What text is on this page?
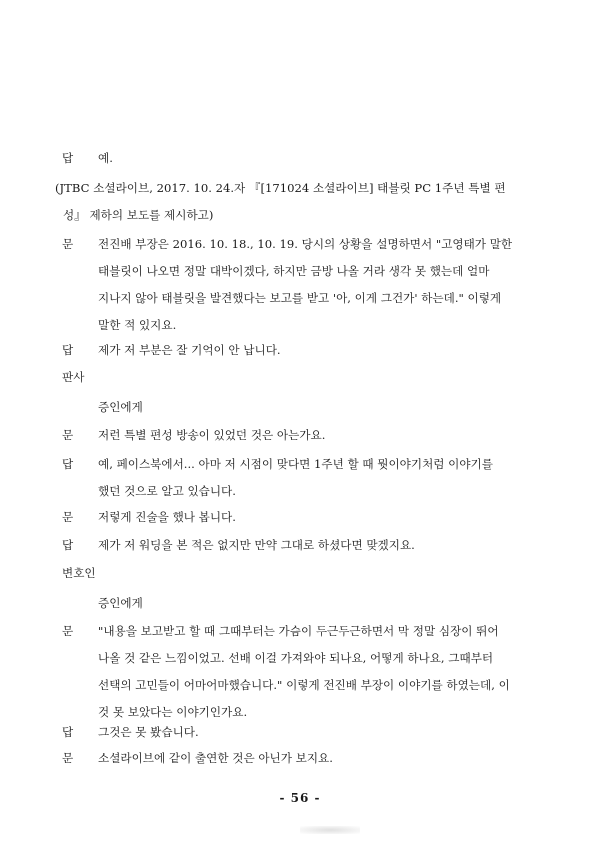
답 예.
(JTBC 소셜라이브, 2017. 10. 24.자 『[171024 소셜라이브] 태블릿 PC 1주년 특별 편
성』 제하의 보도를 제시하고)
문 전진배 부장은 2016. 10. 18., 10. 19. 당시의 상황을 설명하면서 "고영태가 말한
태블릿이 나오면 정말 대박이겠다, 하지만 금방 나올 거라 생각 못 했는데 얼마
지나지 않아 태블릿을 발견했다는 보고를 받고 '아, 이게 그건가' 하는데." 이렇게
말한 적 있지요.
답 제가 저 부분은 잘 기억이 안 납니다.
판사
증인에게
문 저런 특별 편성 방송이 있었던 것은 아는가요.
답 예, 페이스북에서... 아마 저 시점이 맞다면 1주년 할 때 뭣이야기처럼 이야기를
했던 것으로 알고 있습니다.
문 저렇게 진술을 했나 봅니다.
답 제가 저 워딩을 본 적은 없지만 만약 그대로 하셨다면 맞겠지요.
변호인
증인에게
문 "내용을 보고받고 할 때 그때부터는 가슴이 두근두근하면서 막 정말 심장이 뛰어
나올 것 같은 느낌이었고. 선배 이걸 가져와야 되나요, 어떻게 하나요, 그때부터
선택의 고민들이 어마어마했습니다." 이렇게 전진배 부장이 이야기를 하였는데, 이
것 못 보았다는 이야기인가요.
답 그것은 못 봤습니다.
문 소셜라이브에 같이 출연한 것은 아닌가 보지요.
- 56 -
